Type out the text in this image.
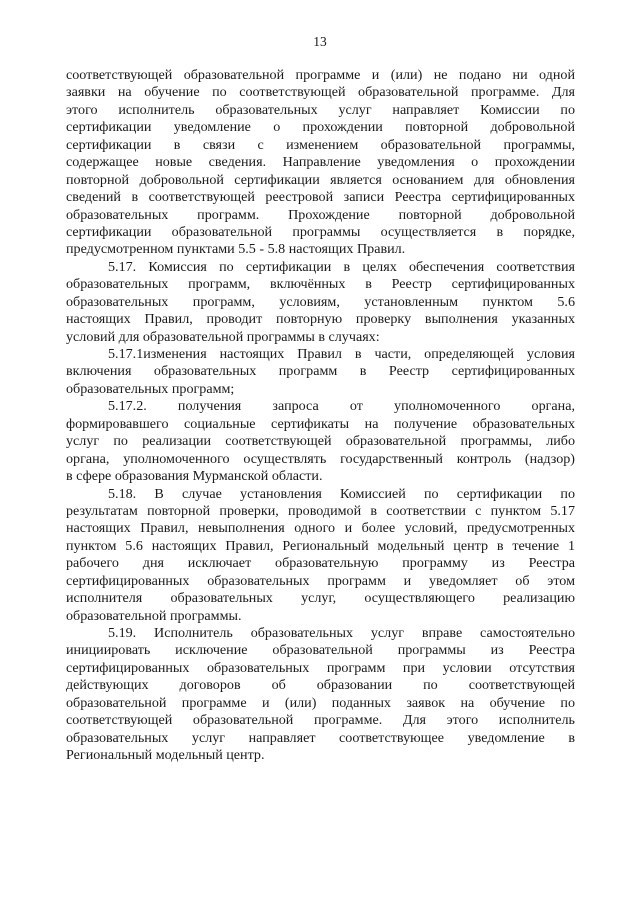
13
соответствующей образовательной программе и (или) не подано ни одной
заявки на обучение по соответствующей образовательной программе. Для
этого исполнитель образовательных услуг направляет Комиссии по
сертификации уведомление о прохождении повторной добровольной
сертификации в связи с изменением образовательной программы,
содержащее новые сведения. Направление уведомления о прохождении
повторной добровольной сертификации является основанием для обновления
сведений в соответствующей реестровой записи Реестра сертифицированных
образовательных программ. Прохождение повторной добровольной
сертификации образовательной программы осуществляется в порядке,
предусмотренном пунктами 5.5 - 5.8 настоящих Правил.
5.17. Комиссия по сертификации в целях обеспечения соответствия
образовательных программ, включённых в Реестр сертифицированных
образовательных программ, условиям, установленным пунктом 5.6
настоящих Правил, проводит повторную проверку выполнения указанных
условий для образовательной программы в случаях:
5.17.1изменения настоящих Правил в части, определяющей условия
включения образовательных программ в Реестр сертифицированных
образовательных программ;
5.17.2. получения запроса от уполномоченного органа,
формировавшего социальные сертификаты на получение образовательных
услуг по реализации соответствующей образовательной программы, либо
органа, уполномоченного осуществлять государственный контроль (надзор)
в сфере образования Мурманской области.
5.18. В случае установления Комиссией по сертификации по
результатам повторной проверки, проводимой в соответствии с пунктом 5.17
настоящих Правил, невыполнения одного и более условий, предусмотренных
пунктом 5.6 настоящих Правил, Региональный модельный центр в течение 1
рабочего дня исключает образовательную программу из Реестра
сертифицированных образовательных программ и уведомляет об этом
исполнителя образовательных услуг, осуществляющего реализацию
образовательной программы.
5.19. Исполнитель образовательных услуг вправе самостоятельно
инициировать исключение образовательной программы из Реестра
сертифицированных образовательных программ при условии отсутствия
действующих договоров об образовании по соответствующей
образовательной программе и (или) поданных заявок на обучение по
соответствующей образовательной программе. Для этого исполнитель
образовательных услуг направляет соответствующее уведомление в
Региональный модельный центр.
